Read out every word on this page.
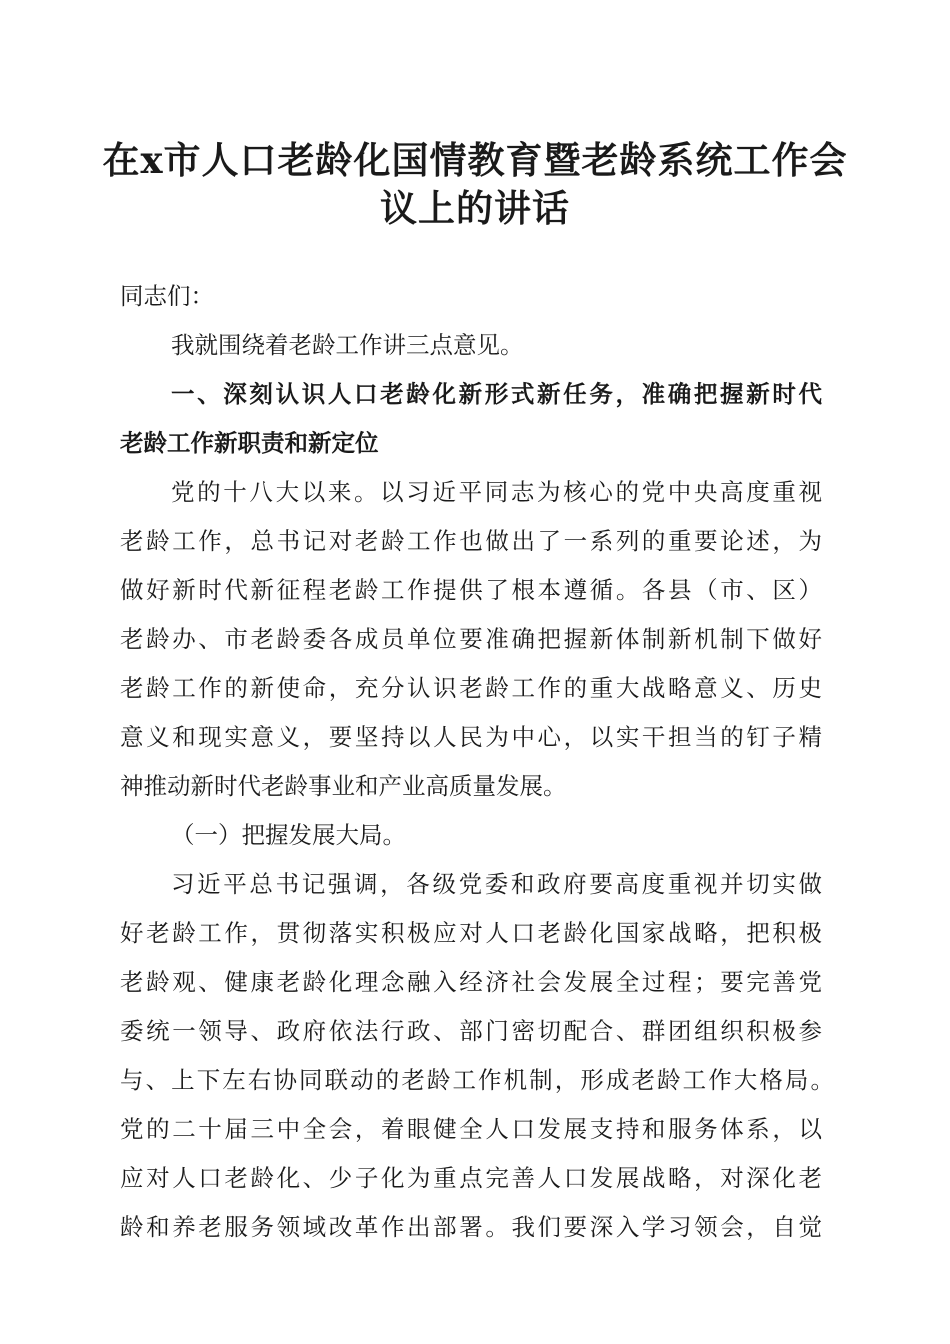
在x市人口老龄化国情教育暨老龄系统工作会
议上的讲话
同志们：
我就围绕着老龄工作讲三点意见。
一、深刻认识人口老龄化新形式新任务，准确把握新时代
老龄工作新职责和新定位
党的十八大以来。以习近平同志为核心的党中央高度重视
老龄工作，总书记对老龄工作也做出了一系列的重要论述，为
做好新时代新征程老龄工作提供了根本遵循。各县（市、区）
老龄办、市老龄委各成员单位要准确把握新体制新机制下做好
老龄工作的新使命，充分认识老龄工作的重大战略意义、历史
意义和现实意义，要坚持以人民为中心，以实干担当的钉子精
神推动新时代老龄事业和产业高质量发展。
（一）把握发展大局。
习近平总书记强调，各级党委和政府要高度重视并切实做
好老龄工作，贯彻落实积极应对人口老龄化国家战略，把积极
老龄观、健康老龄化理念融入经济社会发展全过程；要完善党
委统一领导、政府依法行政、部门密切配合、群团组织积极参
与、上下左右协同联动的老龄工作机制，形成老龄工作大格局。
党的二十届三中全会，着眼健全人口发展支持和服务体系，以
应对人口老龄化、少子化为重点完善人口发展战略，对深化老
龄和养老服务领域改革作出部署。我们要深入学习领会，自觉
